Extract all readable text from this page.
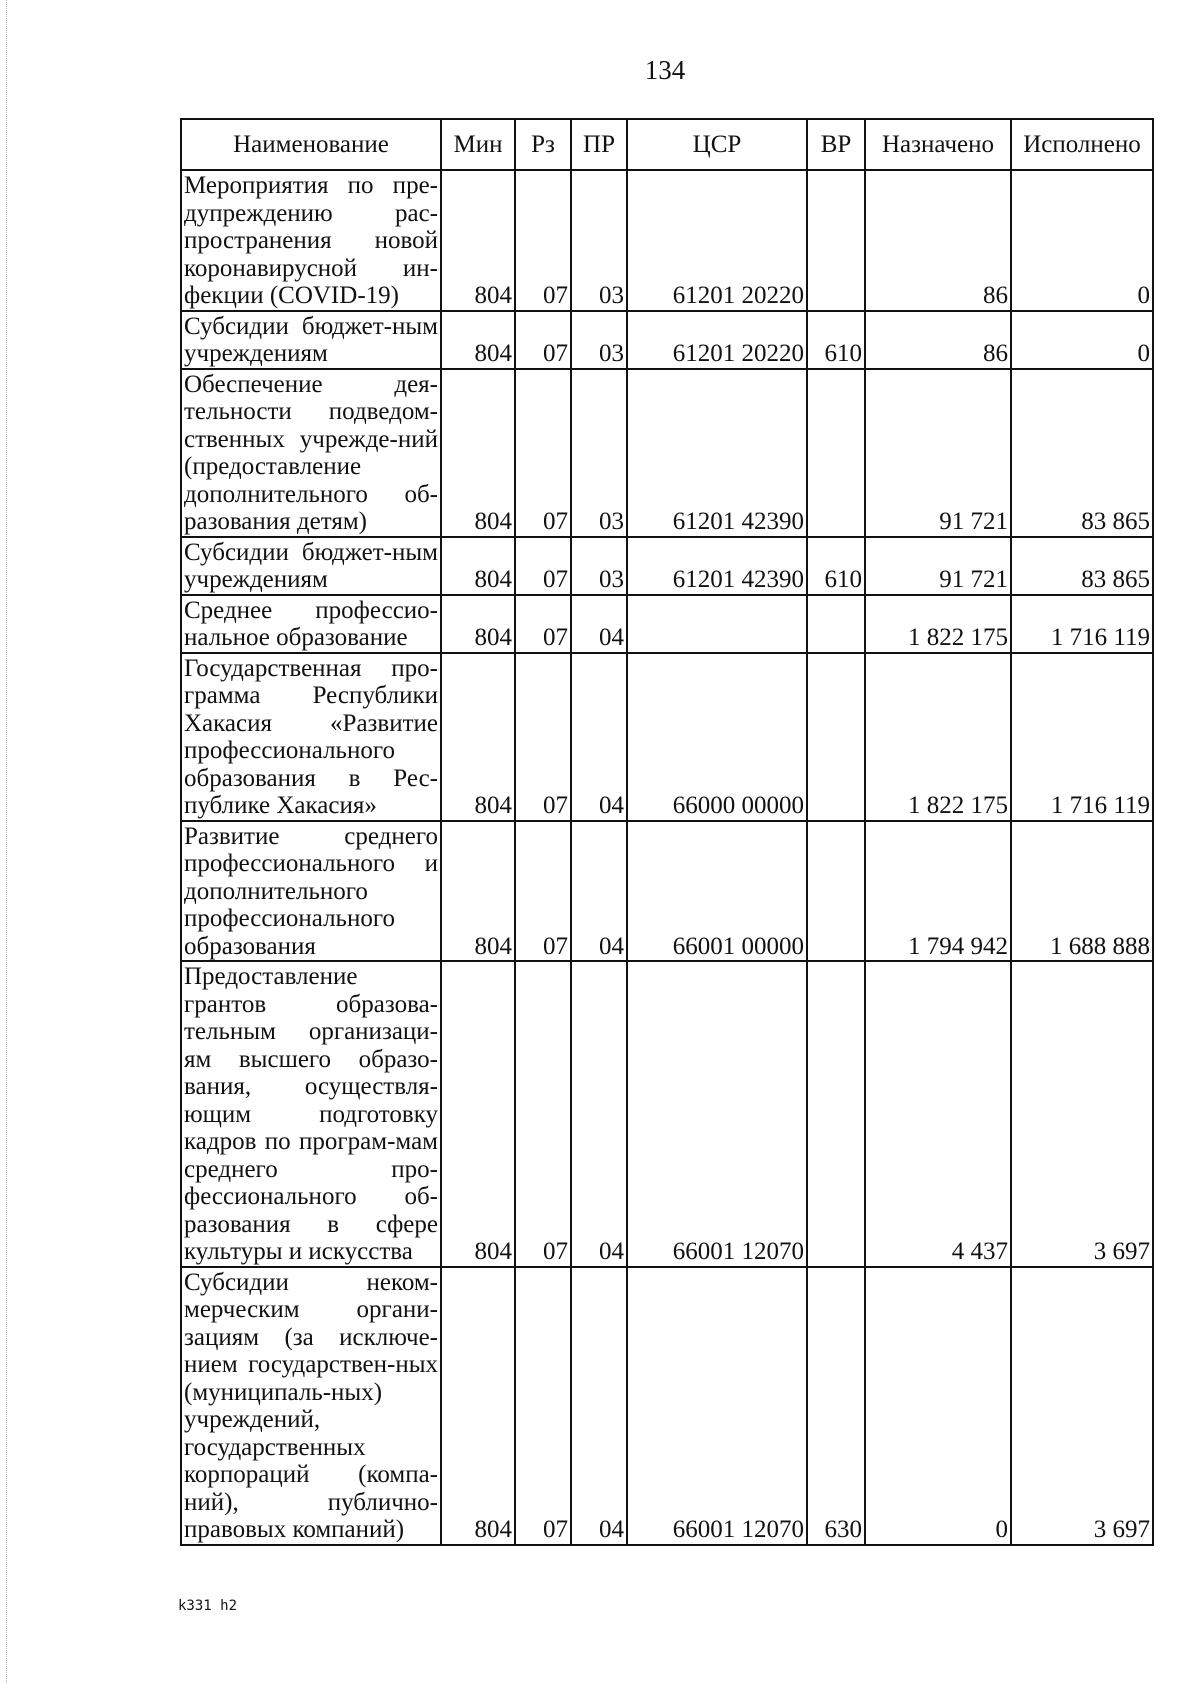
134
Наименование	Мин	Рз	ПР	ЦСР	ВР	Назначено	Исполнено
Мероприятия по пре-дупреждению рас-пространения новой коронавирусной ин-фекции (COVID-19)	804	07	03	61201 20220		86	0
Субсидии бюджет-ным учреждениям	804	07	03	61201 20220	610	86	0
Обеспечение дея-тельности подведом-ственных учрежде-ний (предоставление дополнительного об-разования детям)	804	07	03	61201 42390		91 721	83 865
Субсидии бюджет-ным учреждениям	804	07	03	61201 42390	610	91 721	83 865
Среднее профессио-нальное образование	804	07	04			1 822 175	1 716 119
Государственная про-грамма Республики Хакасия «Развитие профессионального образования в Рес-публике Хакасия»	804	07	04	66000 00000		1 822 175	1 716 119
Развитие среднего профессионального и дополнительного профессионального образования	804	07	04	66001 00000		1 794 942	1 688 888
Предоставление грантов образова-тельным организаци-ям высшего образо-вания, осуществля-ющим подготовку кадров по програм-мам среднего про-фессионального об-разования в сфере культуры и искусства	804	07	04	66001 12070		4 437	3 697
Субсидии неком-мерческим органи-зациям (за исключе-нием государствен-ных (муниципаль-ных) учреждений, государственных корпораций (компа-ний), публично-правовых компаний)	804	07	04	66001 12070	630	0	3 697
k331 h2
